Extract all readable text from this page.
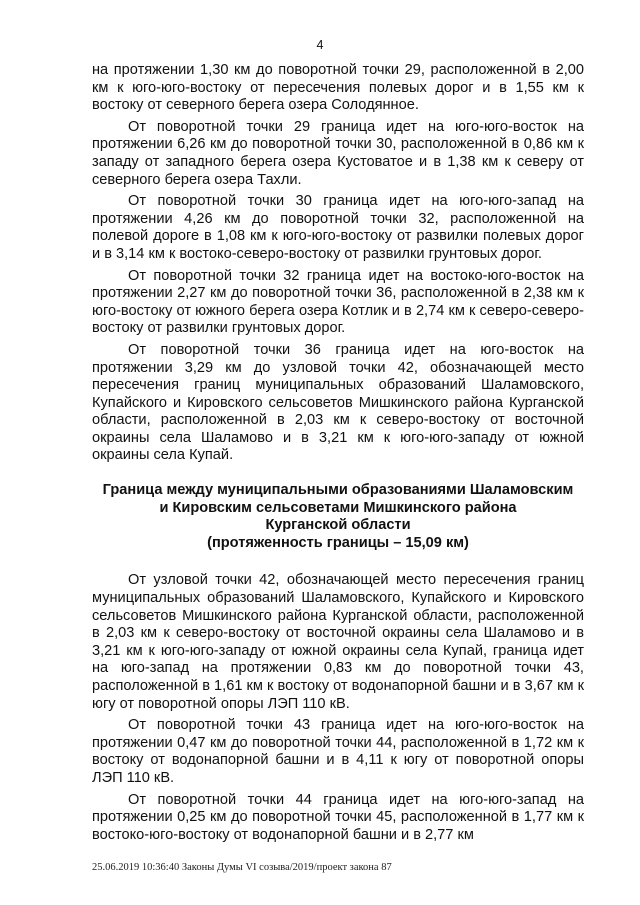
4

на протяжении 1,30 км до поворотной точки 29, расположенной в 2,00 км к юго-юго-востоку от пересечения полевых дорог и в 1,55 км к востоку от северного берега озера Солодянное.

От поворотной точки 29 граница идет на юго-юго-восток на протяжении 6,26 км до поворотной точки 30, расположенной в 0,86 км к западу от западного берега озера Кустоватое и в 1,38 км к северу от северного берега озера Тахли.

От поворотной точки 30 граница идет на юго-юго-запад на протяжении 4,26 км до поворотной точки 32, расположенной на полевой дороге в 1,08 км к юго-юго-востоку от развилки полевых дорог и в 3,14 км к востоко-северо-востоку от развилки грунтовых дорог.

От поворотной точки 32 граница идет на востоко-юго-восток на протяжении 2,27 км до поворотной точки 36, расположенной в 2,38 км к юго-востоку от южного берега озера Котлик и в 2,74 км к северо-северо-востоку от развилки грунтовых дорог.

От поворотной точки 36 граница идет на юго-восток на протяжении 3,29 км до узловой точки 42, обозначающей место пересечения границ муниципальных образований Шаламовского, Купайского и Кировского сельсоветов Мишкинского района Курганской области, расположенной в 2,03 км к северо-востоку от восточной окраины села Шаламово и в 3,21 км к юго-юго-западу от южной окраины села Купай.

Граница между муниципальными образованиями Шаламовским
и Кировским сельсоветами Мишкинского района
Курганской области
(протяженность границы – 15,09 км)

От узловой точки 42, обозначающей место пересечения границ муниципальных образований Шаламовского, Купайского и Кировского сельсоветов Мишкинского района Курганской области, расположенной в 2,03 км к северо-востоку от восточной окраины села Шаламово и в 3,21 км к юго-юго-западу от южной окраины села Купай, граница идет на юго-запад на протяжении 0,83 км до поворотной точки 43, расположенной в 1,61 км к востоку от водонапорной башни и в 3,67 км к югу от поворотной опоры ЛЭП 110 кВ.

От поворотной точки 43 граница идет на юго-юго-восток на протяжении 0,47 км до поворотной точки 44, расположенной в 1,72 км к востоку от водонапорной башни и в 4,11 к югу от поворотной опоры ЛЭП 110 кВ.

От поворотной точки 44 граница идет на юго-юго-запад на протяжении 0,25 км до поворотной точки 45, расположенной в 1,77 км к востоко-юго-востоку от водонапорной башни и в 2,77 км

25.06.2019 10:36:40 Законы Думы VI созыва/2019/проект закона 87
